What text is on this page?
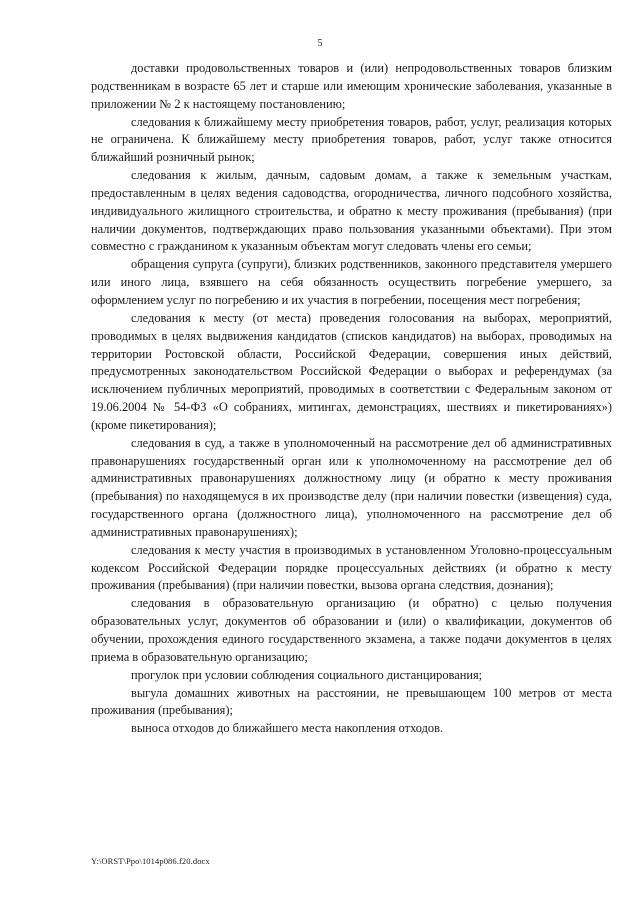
5

доставки продовольственных товаров и (или) непродовольственных товаров близким родственникам в возрасте 65 лет и старше или имеющим хронические заболевания, указанные в приложении № 2 к настоящему постановлению;

следования к ближайшему месту приобретения товаров, работ, услуг, реализация которых не ограничена. К ближайшему месту приобретения товаров, работ, услуг также относится ближайший розничный рынок;

следования к жилым, дачным, садовым домам, а также к земельным участкам, предоставленным в целях ведения садоводства, огородничества, личного подсобного хозяйства, индивидуального жилищного строительства, и обратно к месту проживания (пребывания) (при наличии документов, подтверждающих право пользования указанными объектами). При этом совместно с гражданином к указанным объектам могут следовать члены его семьи;

обращения супруга (супруги), близких родственников, законного представителя умершего или иного лица, взявшего на себя обязанность осуществить погребение умершего, за оформлением услуг по погребению и их участия в погребении, посещения мест погребения;

следования к месту (от места) проведения голосования на выборах, мероприятий, проводимых в целях выдвижения кандидатов (списков кандидатов) на выборах, проводимых на территории Ростовской области, Российской Федерации, совершения иных действий, предусмотренных законодательством Российской Федерации о выборах и референдумах (за исключением публичных мероприятий, проводимых в соответствии с Федеральным законом от 19.06.2004 № 54-ФЗ «О собраниях, митингах, демонстрациях, шествиях и пикетированиях») (кроме пикетирования);

следования в суд, а также в уполномоченный на рассмотрение дел об административных правонарушениях государственный орган или к уполномоченному на рассмотрение дел об административных правонарушениях должностному лицу (и обратно к месту проживания (пребывания) по находящемуся в их производстве делу (при наличии повестки (извещения) суда, государственного органа (должностного лица), уполномоченного на рассмотрение дел об административных правонарушениях);

следования к месту участия в производимых в установленном Уголовно-процессуальным кодексом Российской Федерации порядке процессуальных действиях (и обратно к месту проживания (пребывания) (при наличии повестки, вызова органа следствия, дознания);

следования в образовательную организацию (и обратно) с целью получения образовательных услуг, документов об образовании и (или) о квалификации, документов об обучении, прохождения единого государственного экзамена, а также подачи документов в целях приема в образовательную организацию;

прогулок при условии соблюдения социального дистанцирования;

выгула домашних животных на расстоянии, не превышающем 100 метров от места проживания (пребывания);

выноса отходов до ближайшего места накопления отходов.

Y:\ORST\Ppo\1014p086.f20.docx
